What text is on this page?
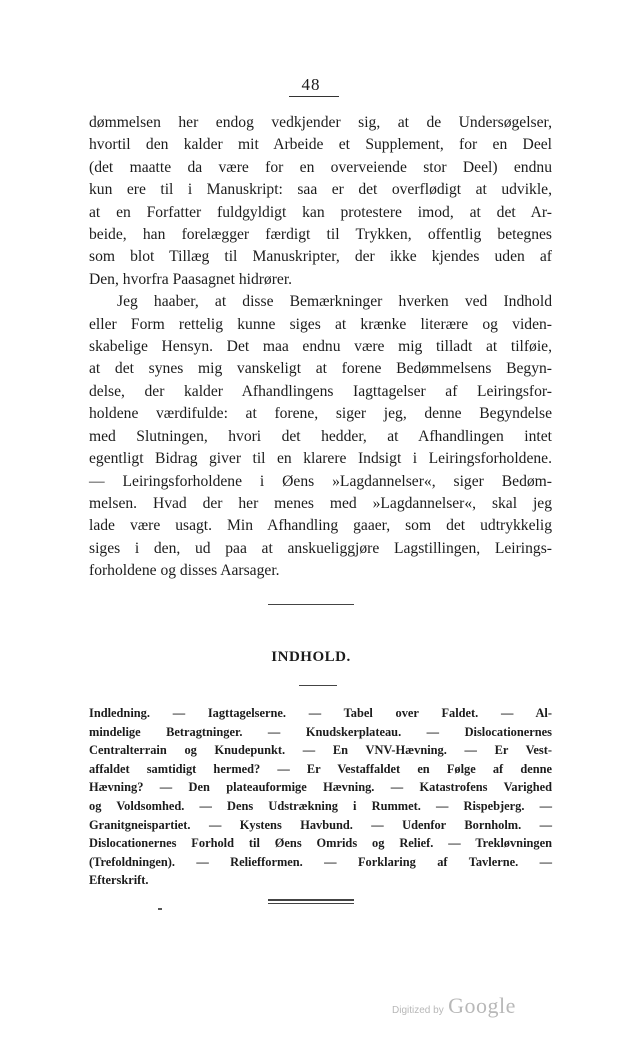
48
dømmelsen her endog vedkjender sig, at de Undersøgelser,
hvortil den kalder mit Arbeide et Supplement, for en Deel
(det maatte da være for en overveiende stor Deel) endnu
kun ere til i Manuskript: saa er det overflødigt at udvikle,
at en Forfatter fuldgyldigt kan protestere imod, at det Ar-
beide, han forelægger færdigt til Trykken, offentlig betegnes
som blot Tillæg til Manuskripter, der ikke kjendes uden af
Den, hvorfra Paasagnet hidrører.
Jeg haaber, at disse Bemærkninger hverken ved Indhold
eller Form rettelig kunne siges at krænke literære og viden-
skabelige Hensyn. Det maa endnu være mig tilladt at tilføie,
at det synes mig vanskeligt at forene Bedømmelsens Begyn-
delse, der kalder Afhandlingens Iagttagelser af Leiringsfor-
holdene værdifulde: at forene, siger jeg, denne Begyndelse
med Slutningen, hvori det hedder, at Afhandlingen intet
egentligt Bidrag giver til en klarere Indsigt i Leiringsforholdene.
— Leiringsforholdene i Øens »Lagdannelser«, siger Bedøm-
melsen. Hvad der her menes med »Lagdannelser«, skal jeg
lade være usagt. Min Afhandling gaaer, som det udtrykkelig
siges i den, ud paa at anskueliggjøre Lagstillingen, Leirings-
forholdene og disses Aarsager.
INDHOLD.
Indledning. — Iagttagelserne. — Tabel over Faldet. — Al-
mindelige Betragtninger. — Knudskerplateau. — Dislocationernes
Centralterrain og Knudepunkt. — En VNV-Hævning. — Er Vest-
affaldet samtidigt hermed? — Er Vestaffaldet en Følge af denne
Hævning? — Den plateauformige Hævning. — Katastrofens Varighed
og Voldsomhed. — Dens Udstrækning i Rummet. — Rispebjerg. —
Granitgneispartiet. — Kystens Havbund. — Udenfor Bornholm. —
Dislocationernes Forhold til Øens Omrids og Relief. — Trekløvningen
(Trefoldningen). — Reliefformen. — Forklaring af Tavlerne. —
Efterskrift.
Digitized by Google
